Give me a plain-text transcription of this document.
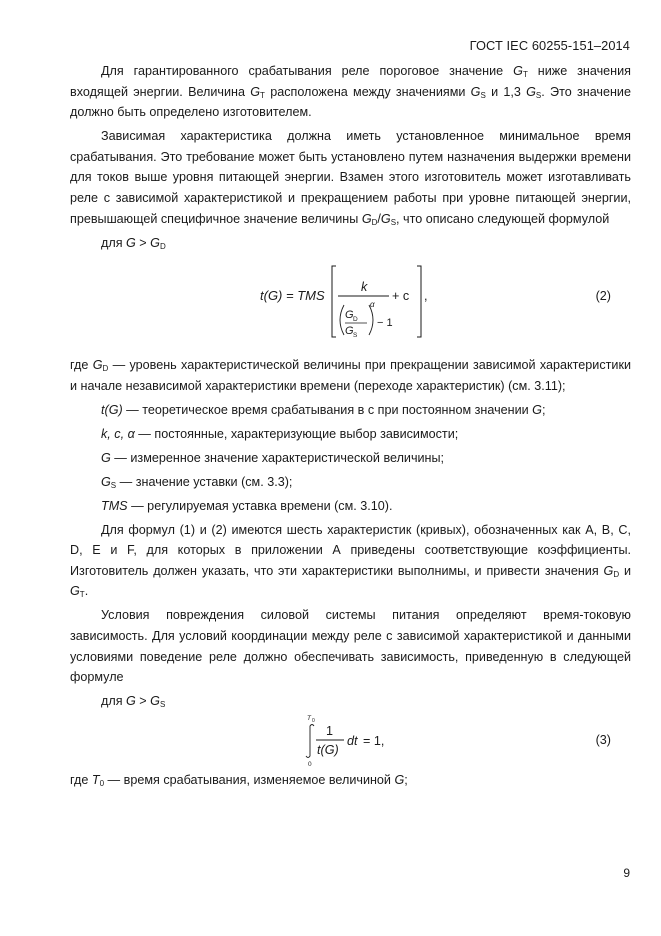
ГОСТ IEC 60255-151–2014

Для гарантированного срабатывания реле пороговое значение $G_T$ ниже значения входящей энергии. Величина $G_T$ расположена между значениями $G_S$ и 1,3 $G_S$. Это значение должно быть определено изготовителем.

Зависимая характеристика должна иметь установленное минимальное время срабатывания. Это требование может быть установлено путем назначения выдержки времени для токов выше уровня питающей энергии. Взамен этого изготовитель может изготавливать реле с зависимой характеристикой и прекращением работы при уровне питающей энергии, превышающей специфичное значение величины $G_D/G_S$, что описано следующей формулой

для $G > G_D$

t(G) = TMS
k
+ c
G D
G S
α
− 1
,	(2)

где $G_D$ — уровень характеристической величины при прекращении зависимой характеристики и начале независимой характеристики времени (переходе характеристик) (см. 3.11);

t(G) — теоретическое время срабатывания в с при постоянном значении G;

k, c, α — постоянные, характеризующие выбор зависимости;

G — измеренное значение характеристической величины;

$G_S$ — значение уставки (см. 3.3);

TMS — регулируемая уставка времени (см. 3.10).

Для формул (1) и (2) имеются шесть характеристик (кривых), обозначенных как A, B, C, D, E и F, для которых в приложении А приведены соответствующие коэффициенты. Изготовитель должен указать, что эти характеристики выполнимы, и привести значения $G_D$ и $G_T$.

Условия повреждения силовой системы питания определяют время-токовую зависимость. Для условий координации между реле с зависимой характеристикой и данными условиями поведение реле должно обеспечивать зависимость, приведенную в следующей формуле

для $G > G_S$

T 0
0
1
t(G)
dt = 1,	(3)

где $T_0$ — время срабатывания, изменяемое величиной G;

9
